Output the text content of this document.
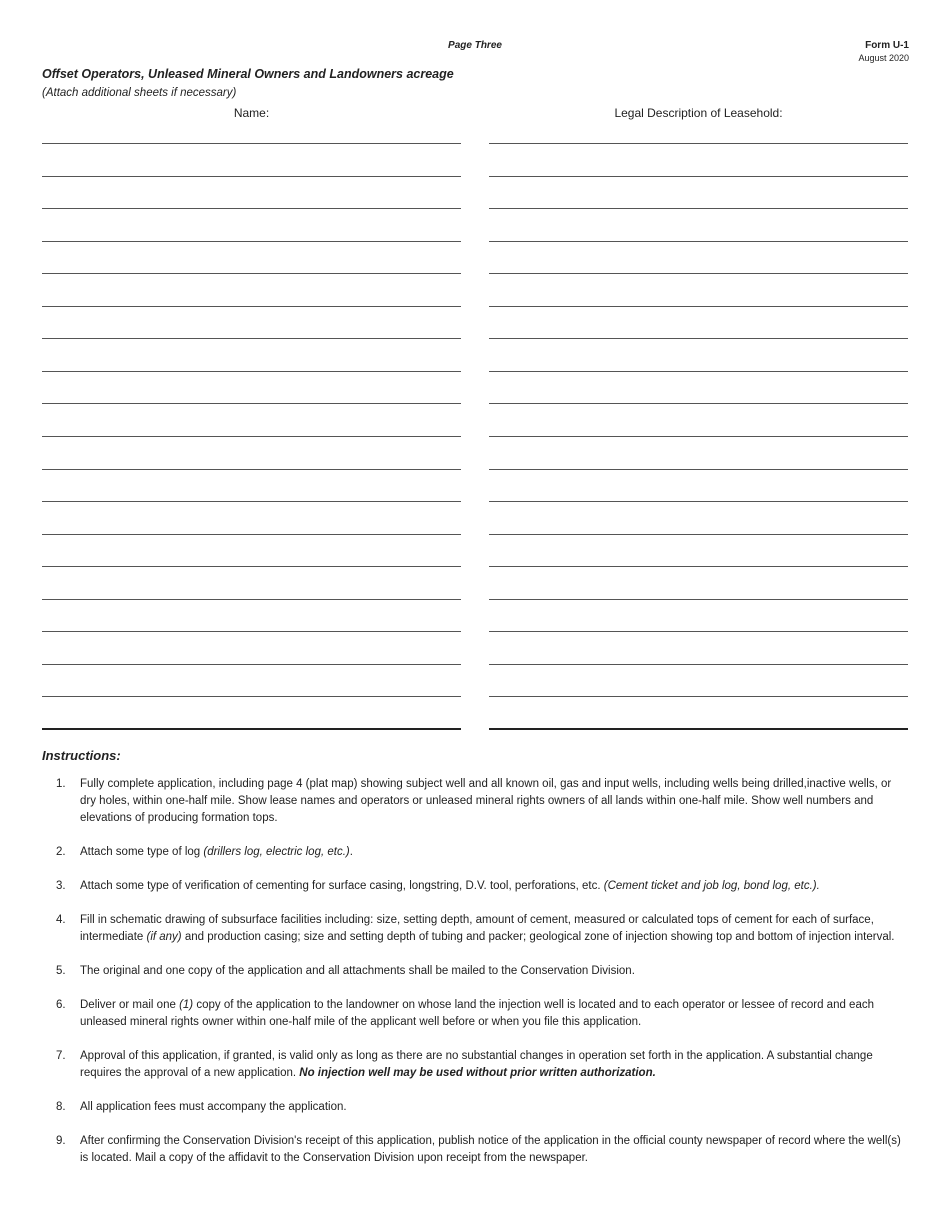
Page Three	Form U-1
August 2020
Offset Operators, Unleased Mineral Owners and Landowners acreage
(Attach additional sheets if necessary)
Name:	Legal Description of Leasehold:
Instructions:
1. Fully complete application, including page 4 (plat map) showing subject well and all known oil, gas and input wells, including wells being drilled,inactive wells, or dry holes, within one-half mile. Show lease names and operators or unleased mineral rights owners of all lands within one-half mile. Show well numbers and elevations of producing formation tops.
2. Attach some type of log (drillers log, electric log, etc.).
3. Attach some type of verification of cementing for surface casing, longstring, D.V. tool, perforations, etc. (Cement ticket and job log, bond log, etc.).
4. Fill in schematic drawing of subsurface facilities including: size, setting depth, amount of cement, measured or calculated tops of cement for each of surface, intermediate (if any) and production casing; size and setting depth of tubing and packer; geological zone of injection showing top and bottom of injection interval.
5. The original and one copy of the application and all attachments shall be mailed to the Conservation Division.
6. Deliver or mail one (1) copy of the application to the landowner on whose land the injection well is located and to each operator or lessee of record and each unleased mineral rights owner within one-half mile of the applicant well before or when you file this application.
7. Approval of this application, if granted, is valid only as long as there are no substantial changes in operation set forth in the application. A substantial change requires the approval of a new application. No injection well may be used without prior written authorization.
8. All application fees must accompany the application.
9. After confirming the Conservation Division's receipt of this application, publish notice of the application in the official county newspaper of record where the well(s) is located. Mail a copy of the affidavit to the Conservation Division upon receipt from the newspaper.
